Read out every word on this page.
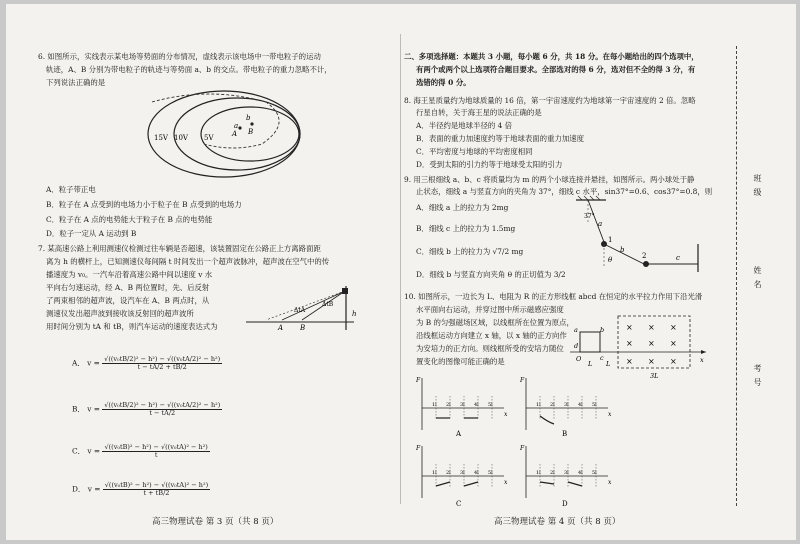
6. 如图所示，实线表示某电场等势面的分布情况，虚线表示该电场中一带电粒子的运动
轨迹，A、B 分别为带电粒子的轨迹与等势面 a、b 的交点。带电粒子的重力忽略不计，
下列说法正确的是
15V 10V 5V
a
b
A B
A．粒子带正电
B．粒子在 A 点受到的电场力小于粒子在 B 点受到的电场力
C．粒子在 A 点的电势能大于粒子在 B 点的电势能
D．粒子一定从 A 运动到 B
7. 某高速公路上利用测速仪检测过往车辆是否超速，该装置固定在公路正上方离路面距
离为 h 的横杆上，已知测速仪每间隔 t 时间发出一个超声波脉冲，超声波在空气中的传
播速度为 v₀。一汽车沿着高速公路中间以速度 v 水
平向右匀速运动，经 A、B 两位置时，先、后反射
了两束相邻的超声波，设汽车在 A、B 两点时，从
测速仪发出超声波到接收该反射回的超声波所
用时间分别为 tA 和 tB，则汽车运动的速度表达式为
h
A B
ΔtA
ΔtB
A． $v = \frac{\text{√((v₀tB/2)² − h²) − √((v₀tA/2)² − h²)}}{t - tA/2 + tB/2}$
B． $v = \frac{\text{√((v₀tB/2)² − h²) − √((v₀tA/2)² − h²)}}{t - tA/2}$
C． $v = \frac{\text{√((v₀tB)² − h²) − √((v₀tA)² − h²)}}{t}$
D． $v = \frac{\text{√((v₀tB)² − h²) − √((v₀tA)² − h²)}}{t + tB/2}$
高三物理试卷 第 3 页（共 8 页）
二、多项选择题：本题共 3 小题，每小题 6 分，共 18 分。在每小题给出的四个选项中，
有两个或两个以上选项符合题目要求。全部选对的得 6 分，选对但不全的得 3 分，有
选错的得 0 分。
8. 海王星质量约为地球质量的 16 倍，第一宇宙速度约为地球第一宇宙速度的 2 倍。忽略
行星自转，关于海王星的说法正确的是
A．半径约是地球半径的 4 倍
B．表面的重力加速度约等于地球表面的重力加速度
C．平均密度与地球的平均密度相同
D．受到太阳的引力约等于地球受太阳的引力
9. 用三根细线 a、b、c 将质量均为 m 的两个小球连接并悬挂，如图所示。两小球处于静
止状态，细线 a 与竖直方向的夹角为 37°，细线 c 水平，sin37°=0.6、cos37°=0.8，则
A．细线 a 上的拉力为 2mg
B．细线 c 上的拉力为 1.5mg
C．细线 b 上的拉力为 √7/2 mg
D．细线 b 与竖直方向夹角 θ 的正切值为 3/2
37°
a
b
c
1
2
θ
10. 如图所示，一边长为 L、电阻为 R 的正方形线框 abcd 在恒定的水平拉力作用下沿光滑
水平面向右运动，并穿过图中所示磁感应强度
为 B 的匀强磁场区域，以线框所在位置为原点，
沿线框运动方向建立 x 轴，以 x 轴的正方向作
为安培力的正方向。则线框所受的安培力随位
置变化的图像可能正确的是
× × ×
× × ×
× × ×
a	b
c
d
O
L L
3L
x
F
x
1l 2l 3l 4l 5l
A
F
x
1l 2l 3l 4l 5l
B
F
x
1l 2l 3l 4l 5l
C
F
x
1l 2l 3l 4l 5l
D
高三物理试卷 第 4 页（共 8 页）
班
级
姓
名
考
号
